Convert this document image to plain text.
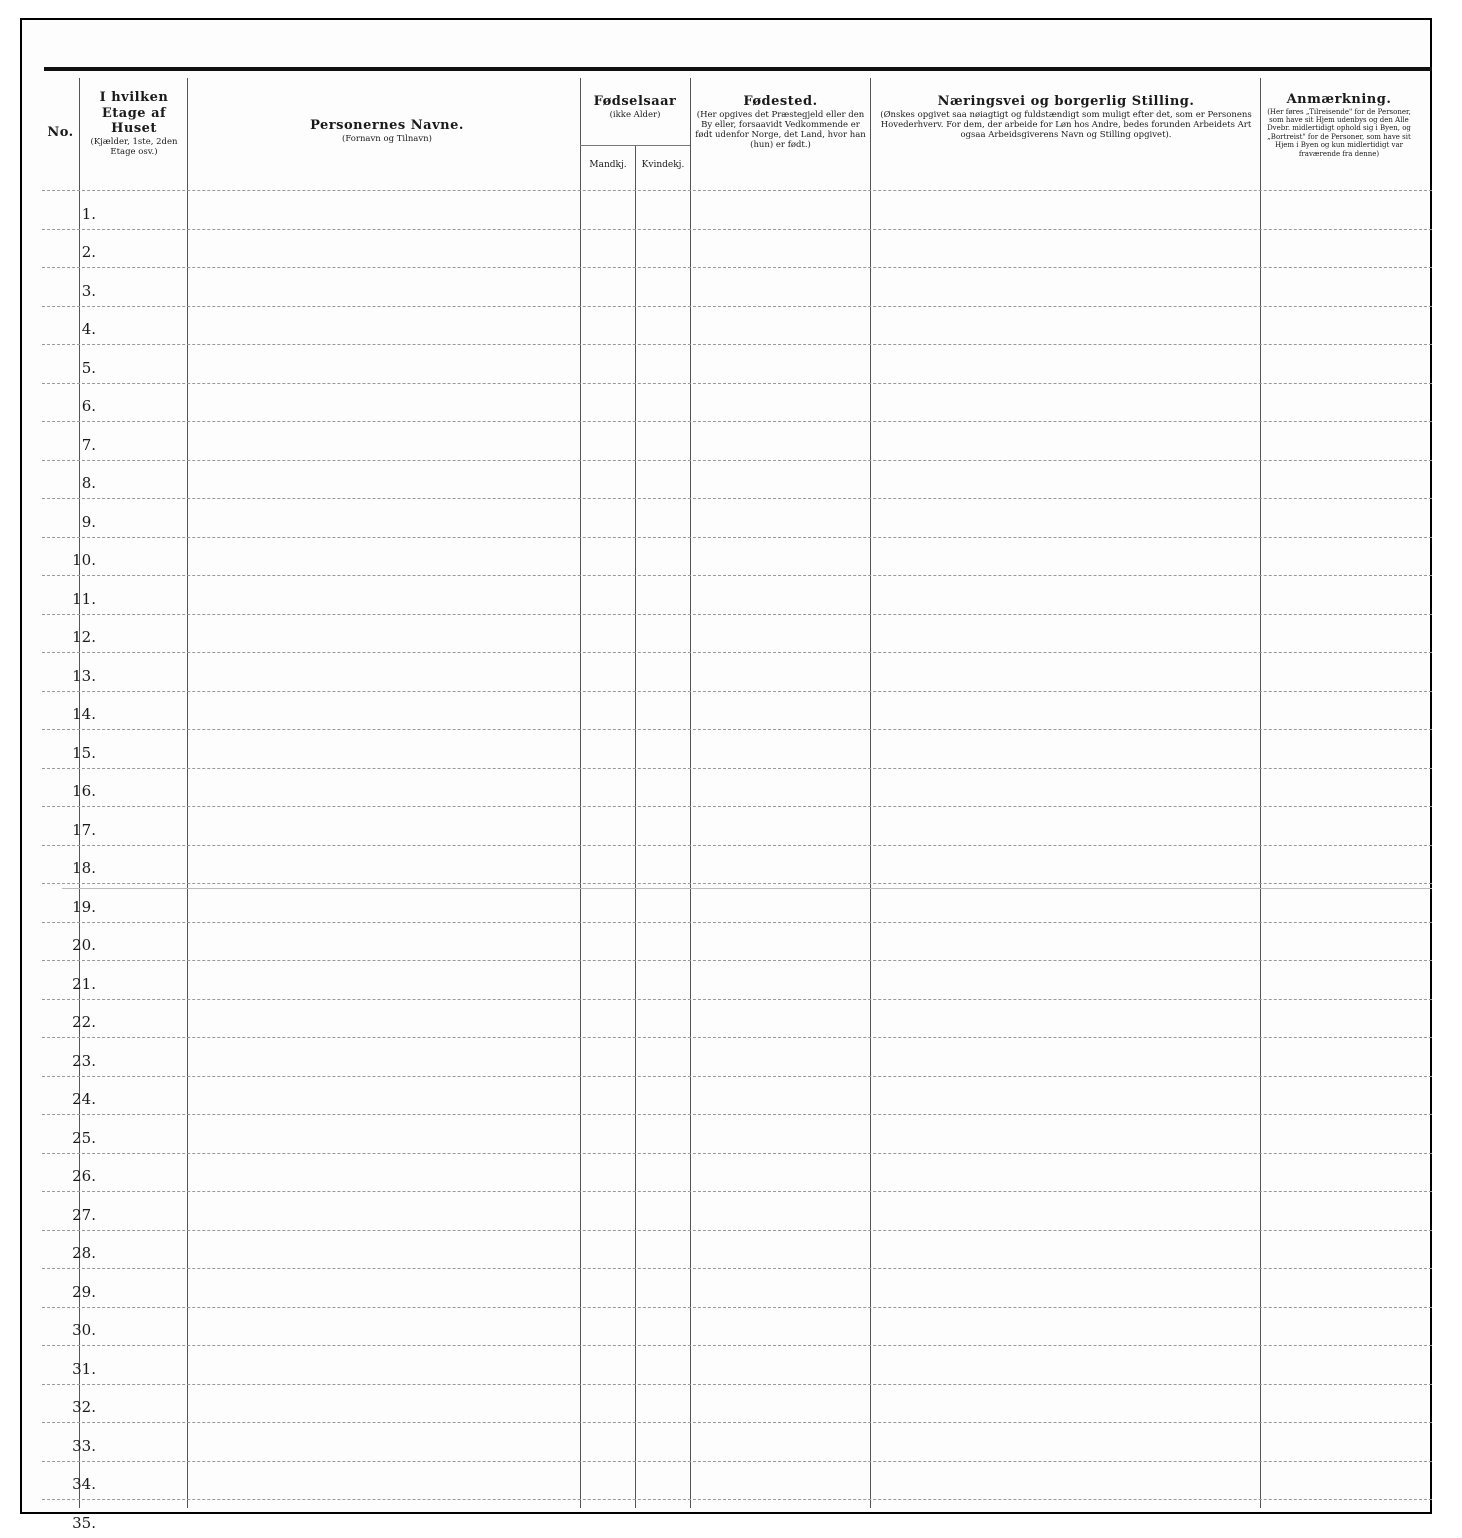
No.
I hvilken Etage af Huset
(Kjælder, 1ste, 2den Etage osv.)
Personernes Navne.
(Fornavn og Tilnavn)
Fødselsaar
(ikke Alder)
Mandkj.	Kvindekj.
Fødested.
(Her opgives det Præstegjeld eller den By eller, forsaavidt Vedkommende er født udenfor Norge, det Land, hvor han (hun) er født.)
Næringsvei og borgerlig Stilling.
(Ønskes opgivet saa nøiagtigt og fuldstændigt som muligt efter det, som er Personens Hovederhverv. For dem, der arbeide for Løn hos Andre, bedes forunden Arbeidets Art ogsaa Arbeidsgiverens Navn og Stilling opgivet).
Anmærkning.
(Her føres „Tilreisende" for de Personer, som have sit Hjem udenbys og den Alle Dvebr. midlertidigt ophold sig i Byen, og „Bortreist" for de Personer, som have sit Hjem i Byen og kun midlertidigt var fraværende fra denne)
1.
2.
3.
4.
5.
6.
7.
8.
9.
10.
11.
12.
13.
14.
15.
16.
17.
18.
19.
20.
21.
22.
23.
24.
25.
26.
27.
28.
29.
30.
31.
32.
33.
34.
35.
